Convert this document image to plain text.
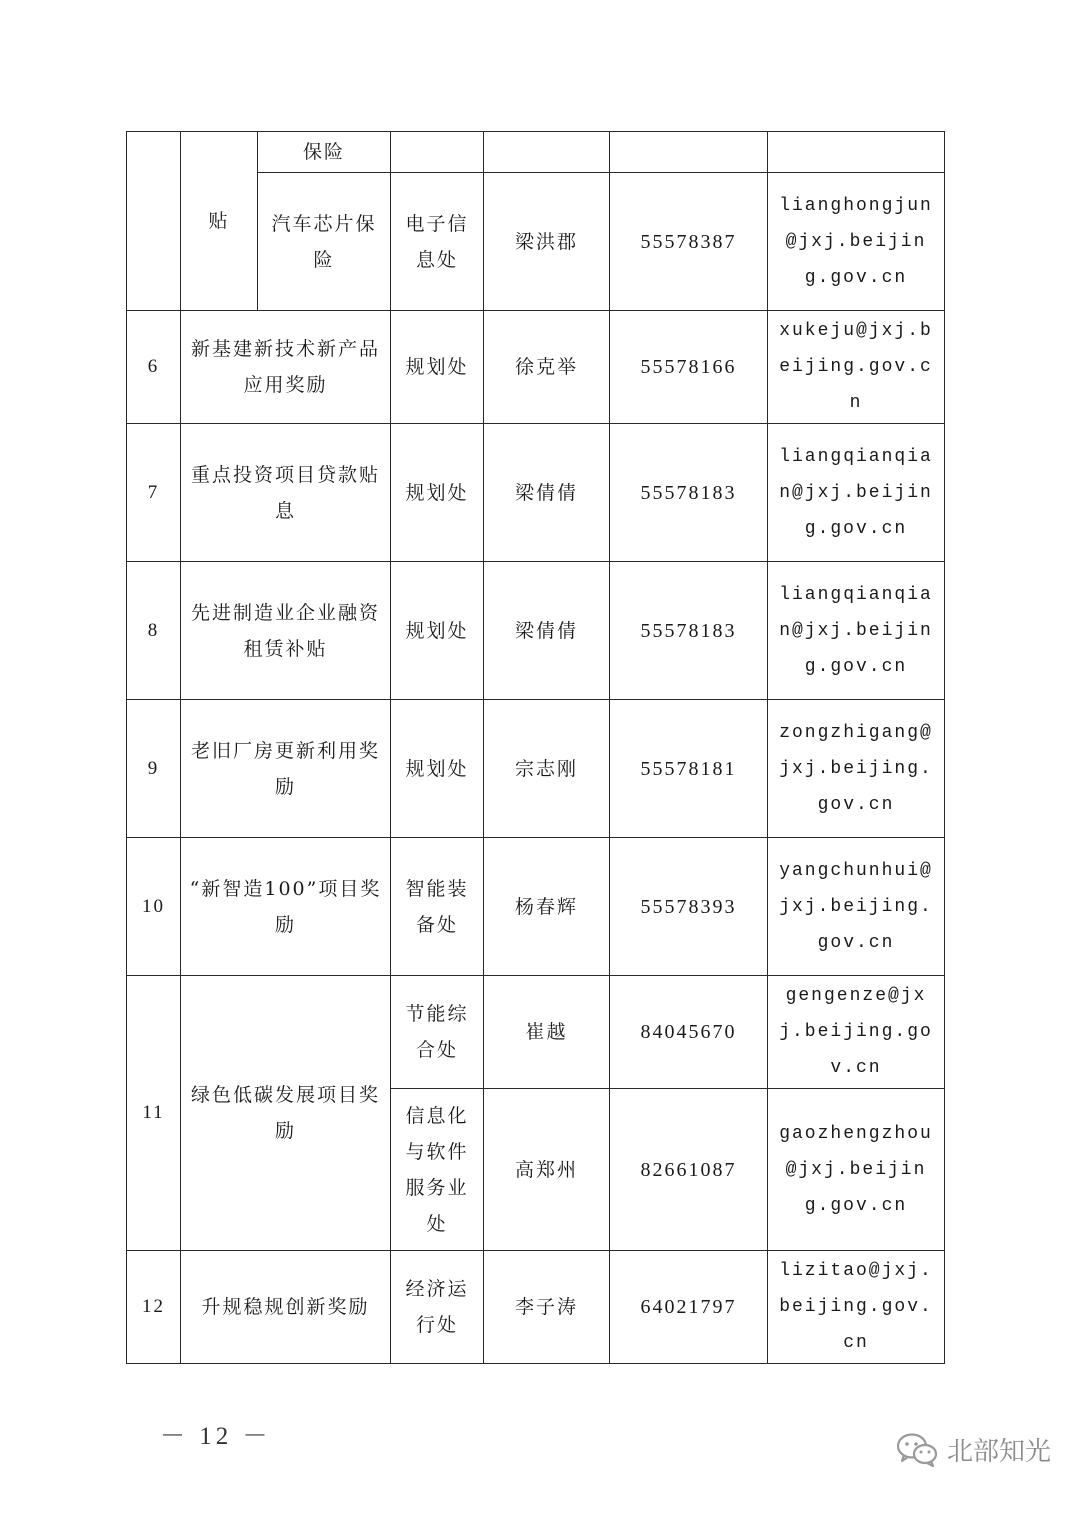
	贴	保险				
		汽车芯片保险	电子信息处	梁洪郡	55578387	lianghongjun@jxj.beijing.gov.cn
6	新基建新技术新产品应用奖励		规划处	徐克举	55578166	xukeju@jxj.beijing.gov.cn
7	重点投资项目贷款贴息		规划处	梁倩倩	55578183	liangqianqian@jxj.beijing.gov.cn
8	先进制造业企业融资租赁补贴		规划处	梁倩倩	55578183	liangqianqian@jxj.beijing.gov.cn
9	老旧厂房更新利用奖励		规划处	宗志刚	55578181	zongzhigang@jxj.beijing.gov.cn
10	“新智造100”项目奖励		智能装备处	杨春辉	55578393	yangchunhui@jxj.beijing.gov.cn
11	绿色低碳发展项目奖励		节能综合处	崔越	84045670	gengenze@jxj.beijing.gov.cn
			信息化与软件服务业处	高郑州	82661087	gaozhengzhou@jxj.beijing.gov.cn
12	升规稳规创新奖励		经济运行处	李子涛	64021797	lizitao@jxj.beijing.gov.cn
－ 12 －	北部知光
